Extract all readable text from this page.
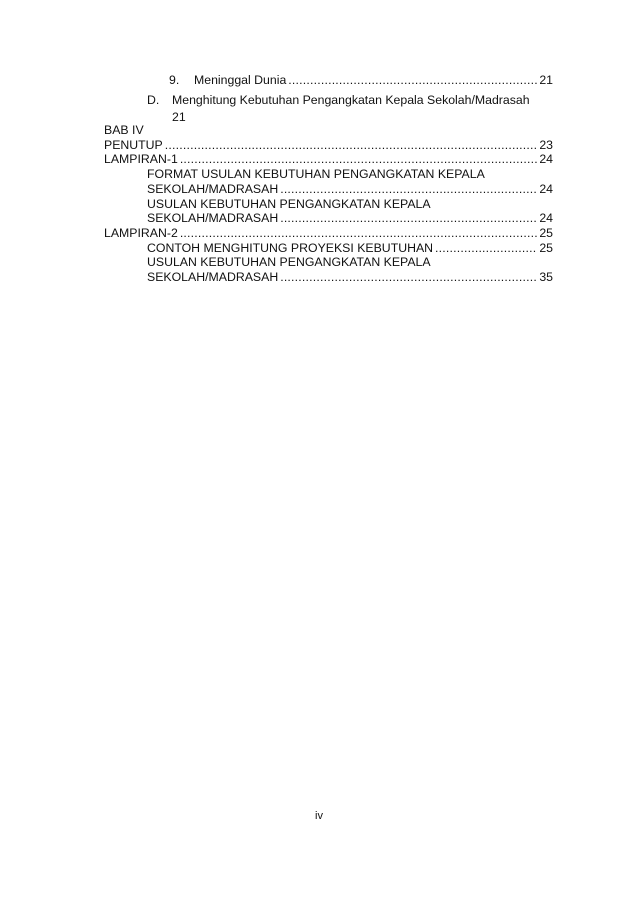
9. Meninggal Dunia .....	21
D. Menghitung Kebutuhan Pengangkatan Kepala Sekolah/Madrasah
21
BAB IV
PENUTUP .....	23
LAMPIRAN-1 .....	24
FORMAT USULAN KEBUTUHAN PENGANGKATAN KEPALA
SEKOLAH/MADRASAH .....	24
USULAN KEBUTUHAN PENGANGKATAN KEPALA
SEKOLAH/MADRASAH .....	24
LAMPIRAN-2 .....	25
CONTOH MENGHITUNG PROYEKSI KEBUTUHAN .....	25
USULAN KEBUTUHAN PENGANGKATAN KEPALA
SEKOLAH/MADRASAH .....	35
iv
